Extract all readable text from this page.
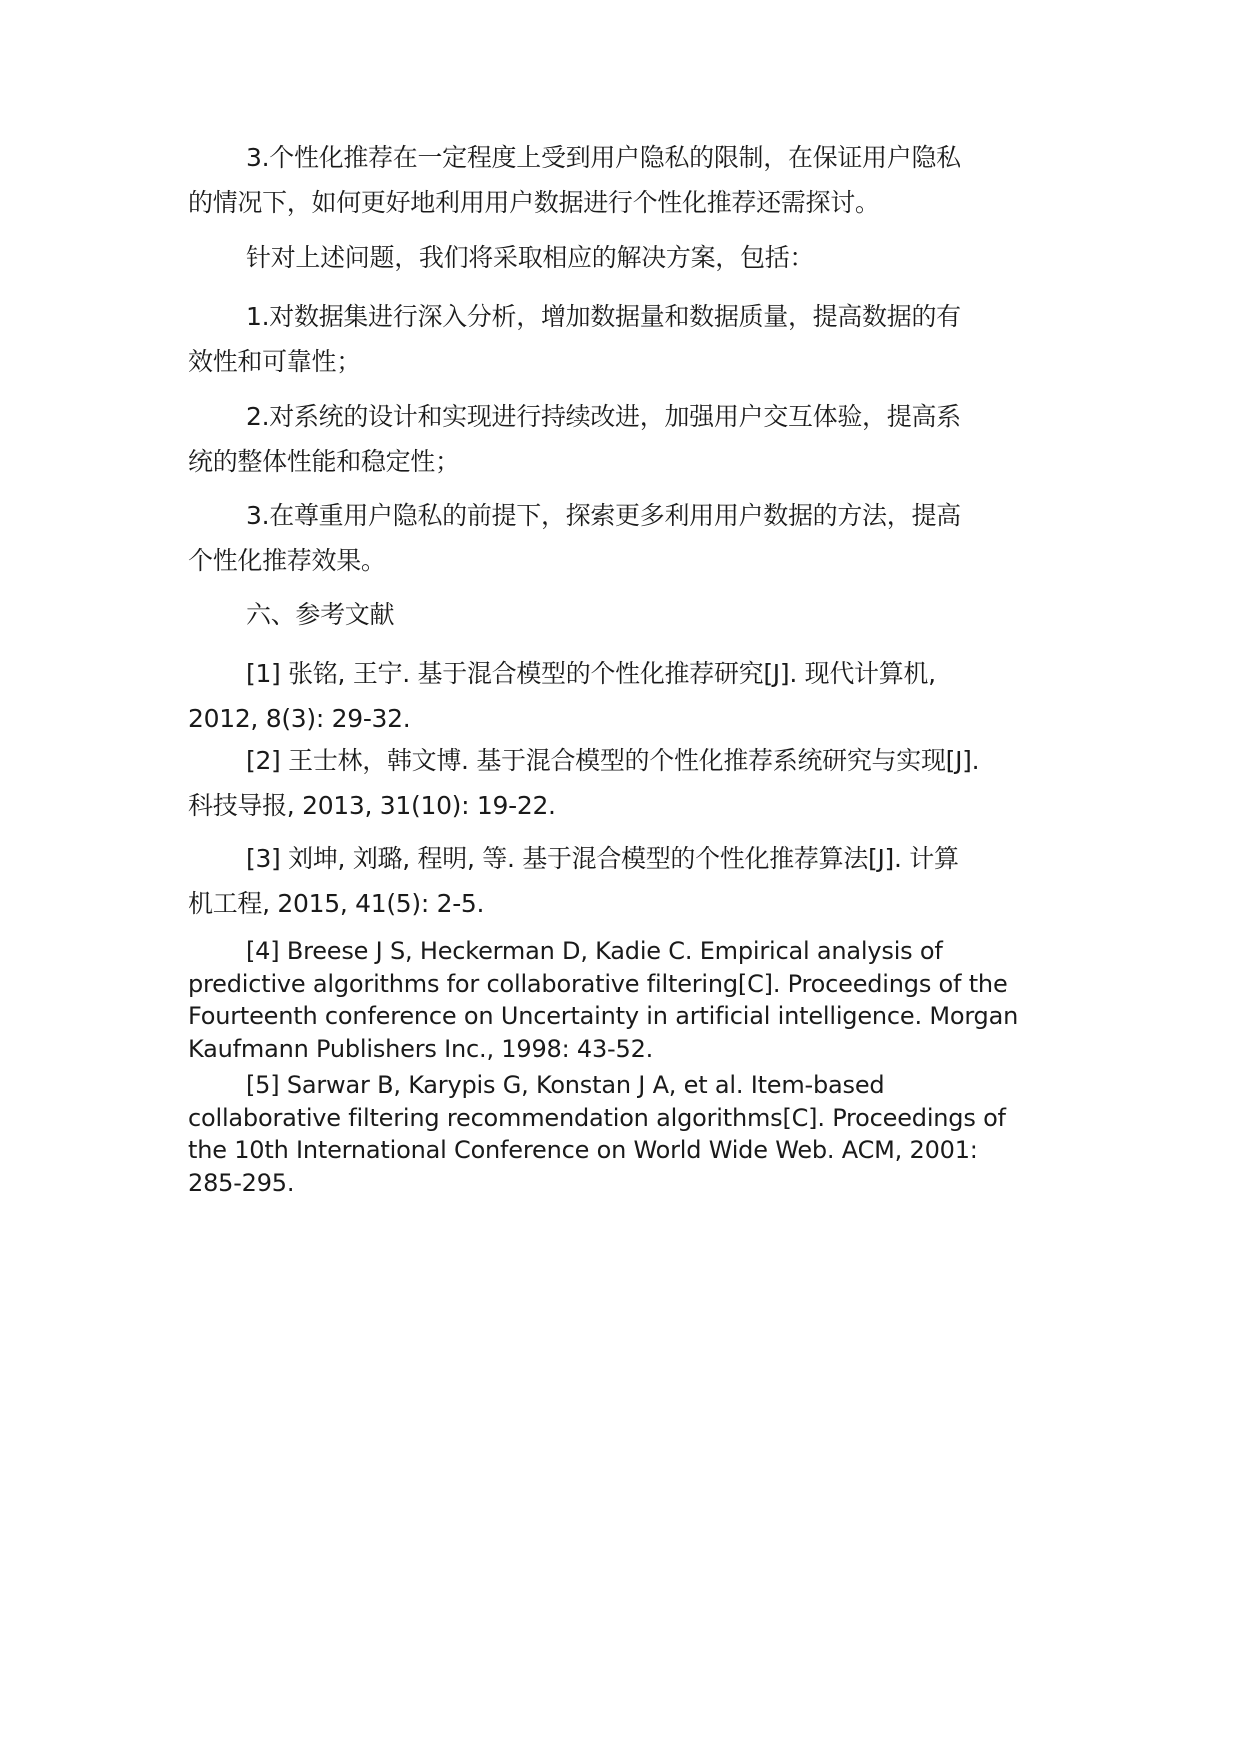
3.个性化推荐在一定程度上受到用户隐私的限制，在保证用户隐私
的情况下，如何更好地利用用户数据进行个性化推荐还需探讨。

针对上述问题，我们将采取相应的解决方案，包括：

1.对数据集进行深入分析，增加数据量和数据质量，提高数据的有
效性和可靠性；

2.对系统的设计和实现进行持续改进，加强用户交互体验，提高系
统的整体性能和稳定性；

3.在尊重用户隐私的前提下，探索更多利用用户数据的方法，提高
个性化推荐效果。

六、参考文献

[1] 张铭, 王宁. 基于混合模型的个性化推荐研究[J]. 现代计算机,
2012, 8(3): 29-32.

[2] 王士林，韩文博. 基于混合模型的个性化推荐系统研究与实现[J].
科技导报, 2013, 31(10): 19-22.

[3] 刘坤, 刘璐, 程明, 等. 基于混合模型的个性化推荐算法[J]. 计算
机工程, 2015, 41(5): 2-5.

[4] Breese J S, Heckerman D, Kadie C. Empirical analysis of
predictive algorithms for collaborative filtering[C]. Proceedings of the
Fourteenth conference on Uncertainty in artificial intelligence. Morgan
Kaufmann Publishers Inc., 1998: 43-52.

[5] Sarwar B, Karypis G, Konstan J A, et al. Item-based
collaborative filtering recommendation algorithms[C]. Proceedings of
the 10th International Conference on World Wide Web. ACM, 2001:
285-295.
